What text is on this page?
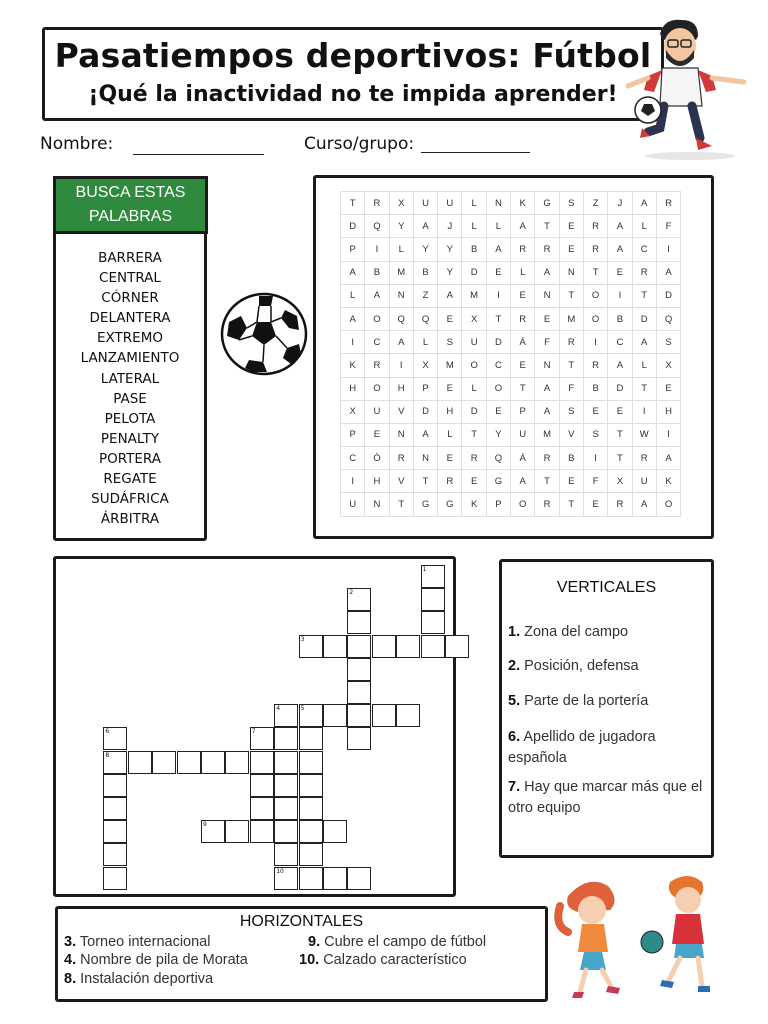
Pasatiempos deportivos: Fútbol
¡Qué la inactividad no te impida aprender!
Nombre:	Curso/grupo:
BUSCA ESTAS PALABRAS
BARRERA
CENTRAL
CÓRNER
DELANTERA
EXTREMO
LANZAMIENTO
LATERAL
PASE
PELOTA
PENALTY
PORTERA
REGATE
SUDÁFRICA
ÁRBITRA
T	R	X	U	U	L	N	K	G	S	Z	J	A	R
D	Q	Y	A	J	L	L	A	T	E	R	A	L	F
P	I	L	Y	Y	B	A	R	R	E	R	A	C	I
A	B	M	B	Y	D	E	L	A	N	T	E	R	A
L	A	N	Z	A	M	I	E	N	T	O	I	T	D
A	O	Q	Q	E	X	T	R	E	M	O	B	D	Q
I	C	A	L	S	U	D	Á	F	R	I	C	A	S
K	R	I	X	M	O	C	E	N	T	R	A	L	X
H	O	H	P	E	L	O	T	A	F	B	D	T	E
X	U	V	D	H	D	E	P	A	S	E	E	I	H
P	E	N	A	L	T	Y	U	M	V	S	T	W	I
C	Ó	R	N	E	R	Q	Á	R	B	I	T	R	A
I	H	V	T	R	E	G	A	T	E	F	X	U	K
U	N	T	G	G	K	P	O	R	T	E	R	A	O
1
2
3
4	5
6	7
8
9
10
VERTICALES
1. Zona del campo
2. Posición, defensa
5. Parte de la portería
6. Apellido de jugadora española
7. Hay que marcar más que el otro equipo
HORIZONTALES
3. Torneo internacional
4. Nombre de pila de Morata
8. Instalación deportiva
9. Cubre el campo de fútbol
10. Calzado característico
